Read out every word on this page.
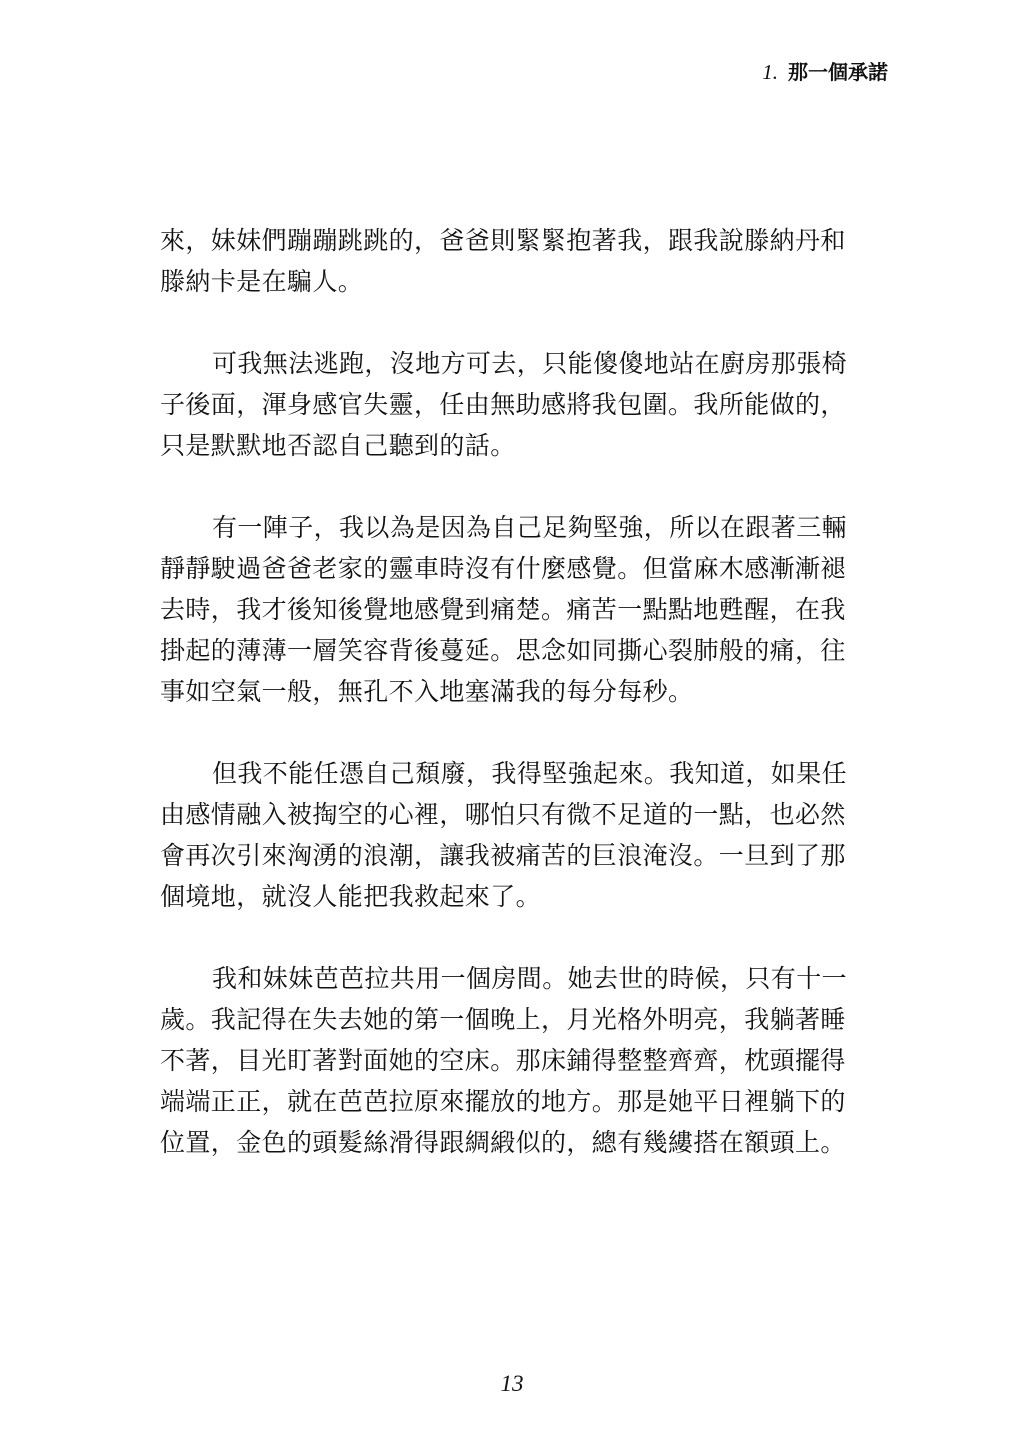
1. 那一個承諾

來，妹妹們蹦蹦跳跳的，爸爸則緊緊抱著我，跟我說滕納丹和
滕納卡是在騙人。

可我無法逃跑，沒地方可去，只能傻傻地站在廚房那張椅
子後面，渾身感官失靈，任由無助感將我包圍。我所能做的，
只是默默地否認自己聽到的話。

有一陣子，我以為是因為自己足夠堅強，所以在跟著三輛
靜靜駛過爸爸老家的靈車時沒有什麼感覺。但當麻木感漸漸褪
去時，我才後知後覺地感覺到痛楚。痛苦一點點地甦醒，在我
掛起的薄薄一層笑容背後蔓延。思念如同撕心裂肺般的痛，往
事如空氣一般，無孔不入地塞滿我的每分每秒。

但我不能任憑自己頹廢，我得堅強起來。我知道，如果任
由感情融入被掏空的心裡，哪怕只有微不足道的一點，也必然
會再次引來洶湧的浪潮，讓我被痛苦的巨浪淹沒。一旦到了那
個境地，就沒人能把我救起來了。

我和妹妹芭芭拉共用一個房間。她去世的時候，只有十一
歲。我記得在失去她的第一個晚上，月光格外明亮，我躺著睡
不著，目光盯著對面她的空床。那床鋪得整整齊齊，枕頭擺得
端端正正，就在芭芭拉原來擺放的地方。那是她平日裡躺下的
位置，金色的頭髮絲滑得跟綢緞似的，總有幾縷搭在額頭上。

13
